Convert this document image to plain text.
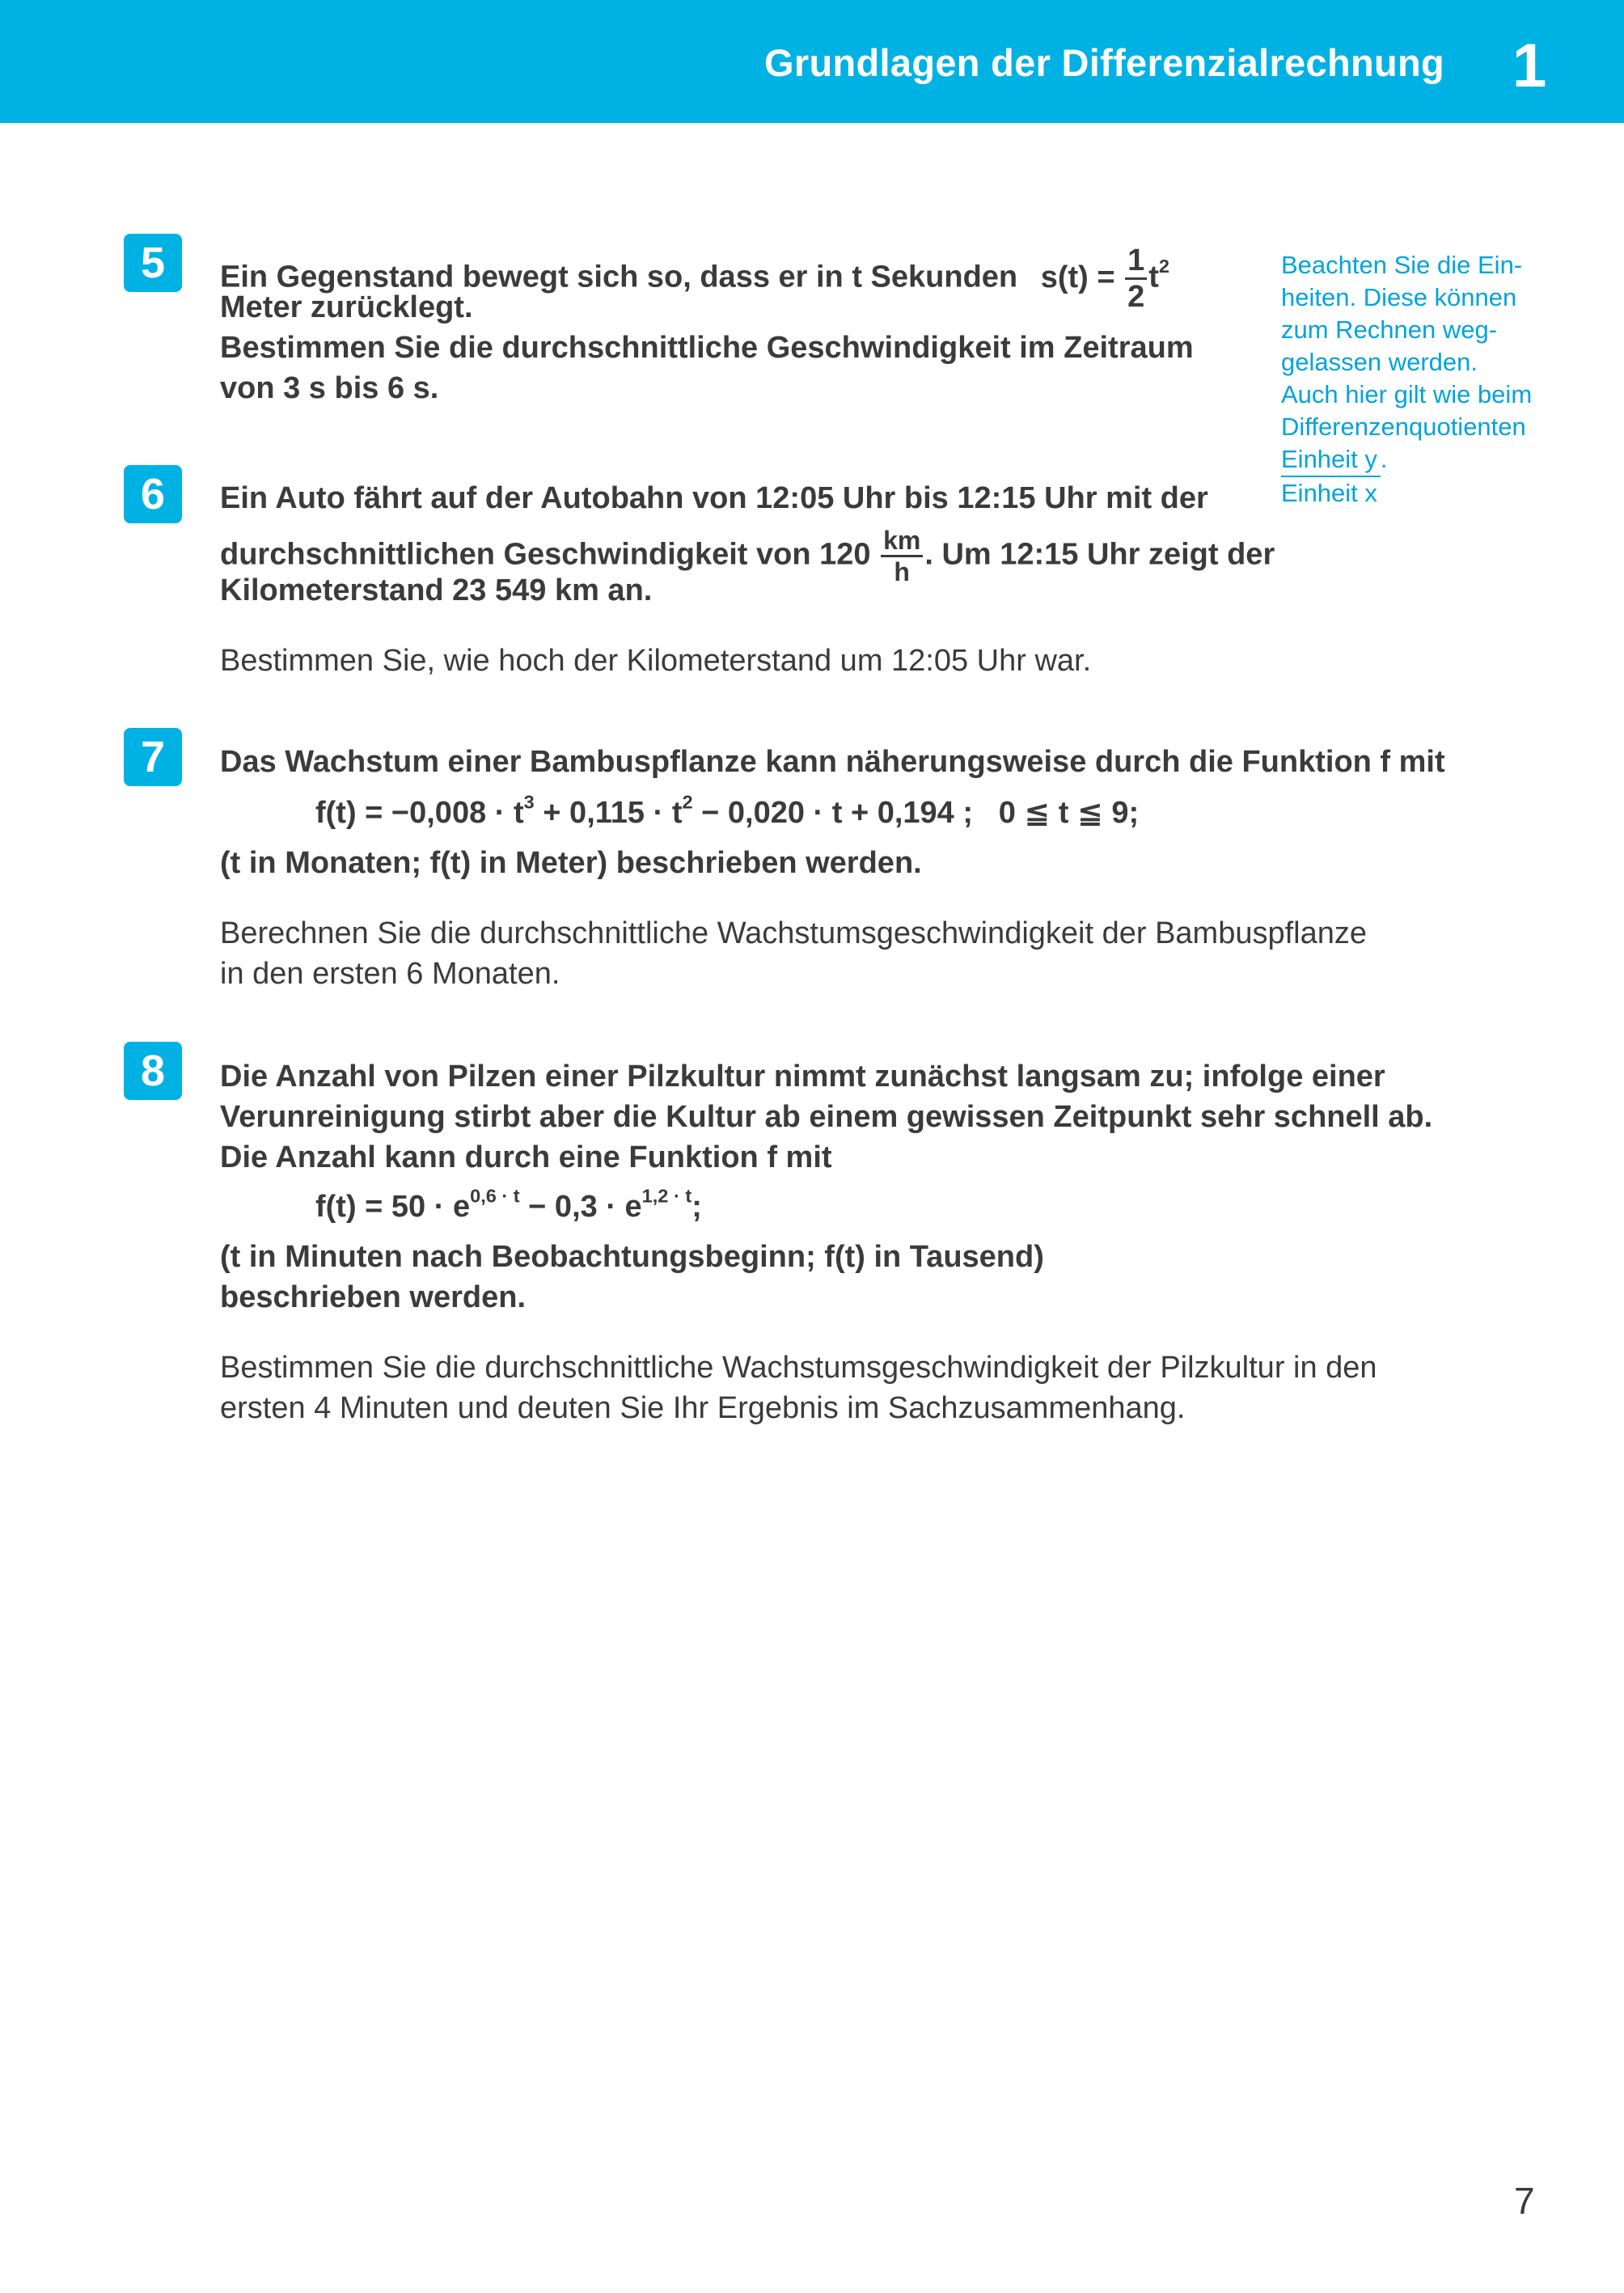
Grundlagen der Differenzialrechnung 1
5	Ein Gegenstand bewegt sich so, dass er in t Sekunden $s(t) = \frac{1}{2} t^2$
Meter zurücklegt.
Bestimmen Sie die durchschnittliche Geschwindigkeit im Zeitraum
von 3 s bis 6 s.
6	Ein Auto fährt auf der Autobahn von 12:05 Uhr bis 12:15 Uhr mit der
durchschnittlichen Geschwindigkeit von $120 \frac{km}{h}$ . Um 12:15 Uhr zeigt der
Kilometerstand 23 549 km an.
Bestimmen Sie, wie hoch der Kilometerstand um 12:05 Uhr war.
7	Das Wachstum einer Bambuspflanze kann näherungsweise durch die Funktion f mit
$f(t) = -0,008 \cdot t^3 + 0,115 \cdot t^2 - 0,020 \cdot t + 0,194$ ;   0 ≦ t ≦ 9;
(t in Monaten; f(t) in Meter) beschrieben werden.
Berechnen Sie die durchschnittliche Wachstumsgeschwindigkeit der Bambuspflanze
in den ersten 6 Monaten.
8	Die Anzahl von Pilzen einer Pilzkultur nimmt zunächst langsam zu; infolge einer
Verunreinigung stirbt aber die Kultur ab einem gewissen Zeitpunkt sehr schnell ab.
Die Anzahl kann durch eine Funktion f mit
$f(t) = 50 \cdot e^{0,6 \cdot t} - 0,3 \cdot e^{1,2 \cdot t}$;
(t in Minuten nach Beobachtungsbeginn; f(t) in Tausend)
beschrieben werden.
Bestimmen Sie die durchschnittliche Wachstumsgeschwindigkeit der Pilzkultur in den
ersten 4 Minuten und deuten Sie Ihr Ergebnis im Sachzusammenhang.
Beachten Sie die Ein-
heiten. Diese können
zum Rechnen weg-
gelassen werden.
Auch hier gilt wie beim
Differenzenquotienten
$\frac{\text{Einheit y}}{\text{Einheit x}}$ .
7
